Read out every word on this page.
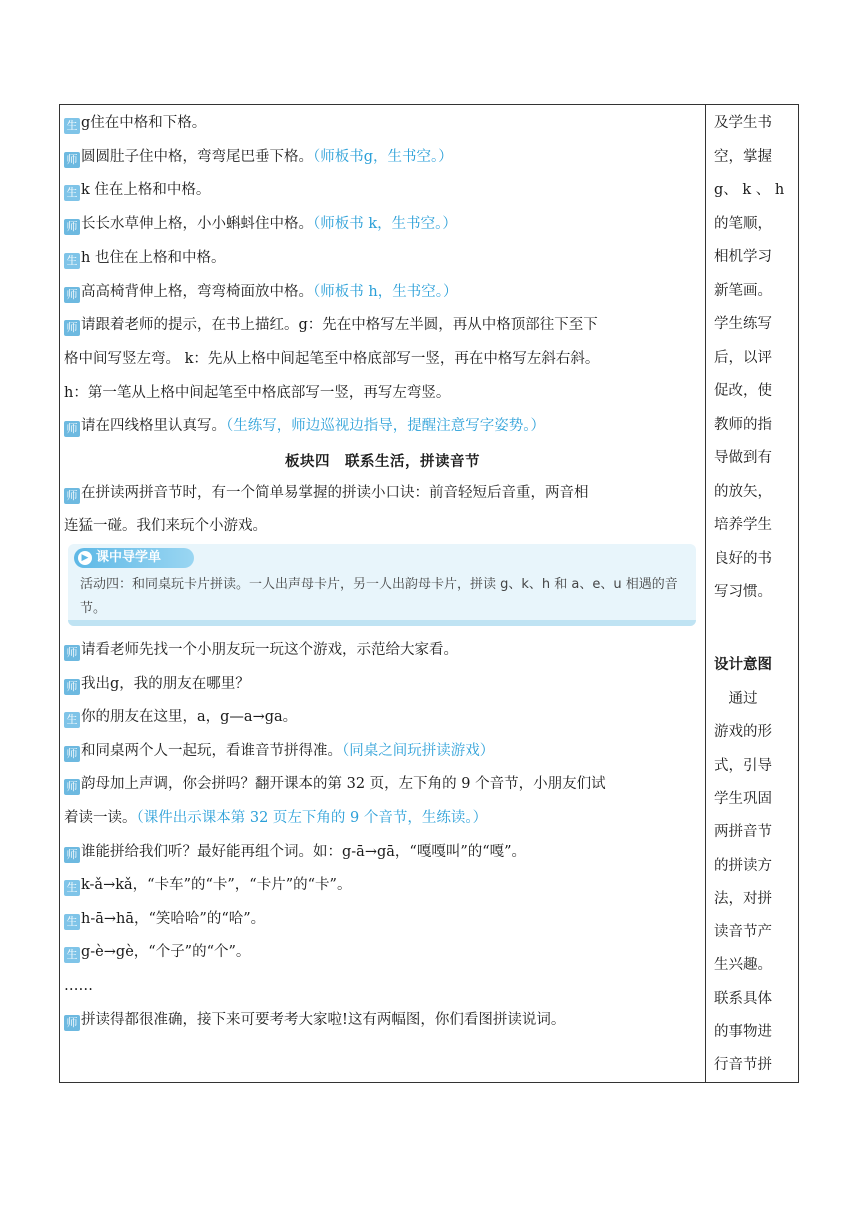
板块四　联系生活，拼读音节
▶ 课中导学单
活动四：和同桌玩卡片拼读。一人出声母卡片，另一人出韵母卡片，拼读 g、k、h 和 a、e、u 相遇的音节。
生 g住在中格和下格。
师 圆圆肚子住中格，弯弯尾巴垂下格。（师板书g，生书空。）
生 k 住在上格和中格。
师 长长水草伸上格，小小蝌蚪住中格。（师板书 k，生书空。）
生 h 也住在上格和中格。
师 高高椅背伸上格，弯弯椅面放中格。（师板书 h，生书空。）
师 请跟着老师的提示，在书上描红。g：先在中格写左半圆，再从中格顶部往下至下
格中间写竖左弯。 k：先从上格中间起笔至中格底部写一竖，再在中格写左斜右斜。
h：第一笔从上格中间起笔至中格底部写一竖，再写左弯竖。
师 请在四线格里认真写。（生练写，师边巡视边指导，提醒注意写字姿势。）
师 在拼读两拼音节时，有一个简单易掌握的拼读小口诀：前音轻短后音重，两音相
连猛一碰。我们来玩个小游戏。
师 请看老师先找一个小朋友玩一玩这个游戏，示范给大家看。
师 我出g，我的朋友在哪里？
生 你的朋友在这里，a，g—a→ga。
师 和同桌两个人一起玩，看谁音节拼得准。（同桌之间玩拼读游戏）
师 韵母加上声调，你会拼吗？翻开课本的第 32 页，左下角的 9 个音节，小朋友们试
着读一读。（课件出示课本第 32 页左下角的 9 个音节，生练读。）
师 谁能拼给我们听？最好能再组个词。如：g-ā→gā，“嘎嘎叫”的“嘎”。
生 k-ǎ→kǎ，“卡车”的“卡”，“卡片”的“卡”。
生 h-ā→hā，“笑哈哈”的“哈”。
生 g-è→gè，“个子”的“个”。
……
师 拼读得都很准确，接下来可要考考大家啦!这有两幅图，你们看图拼读说词。
及学生书
空，掌握
g、 k 、 h
的笔顺，
相机学习
新笔画。
学生练写
后，以评
促改，使
教师的指
导做到有
的放矢，
培养学生
良好的书
写习惯。
设计意图
　通过
游戏的形
式，引导
学生巩固
两拼音节
的拼读方
法，对拼
读音节产
生兴趣。
联系具体
的事物进
行音节拼
